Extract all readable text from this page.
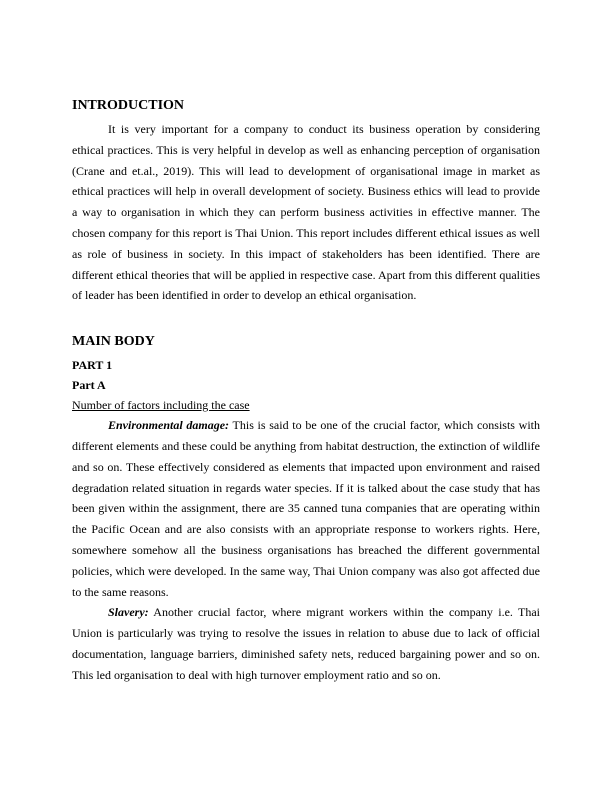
INTRODUCTION

It is very important for a company to conduct its business operation by considering ethical practices. This is very helpful in develop as well as enhancing perception of organisation (Crane and et.al., 2019). This will lead to development of organisational image in market as ethical practices will help in overall development of society. Business ethics will lead to provide a way to organisation in which they can perform business activities in effective manner. The chosen company for this report is Thai Union. This report includes different ethical issues as well as role of business in society. In this impact of stakeholders has been identified. There are different ethical theories that will be applied in respective case. Apart from this different qualities of leader has been identified in order to develop an ethical organisation.

MAIN BODY
PART 1
Part A
Number of factors including the case

Environmental damage: This is said to be one of the crucial factor, which consists with different elements and these could be anything from habitat destruction, the extinction of wildlife and so on. These effectively considered as elements that impacted upon environment and raised degradation related situation in regards water species. If it is talked about the case study that has been given within the assignment, there are 35 canned tuna companies that are operating within the Pacific Ocean and are also consists with an appropriate response to workers rights. Here, somewhere somehow all the business organisations has breached the different governmental policies, which were developed. In the same way, Thai Union company was also got affected due to the same reasons.

Slavery: Another crucial factor, where migrant workers within the company i.e. Thai Union is particularly was trying to resolve the issues in relation to abuse due to lack of official documentation, language barriers, diminished safety nets, reduced bargaining power and so on. This led organisation to deal with high turnover employment ratio and so on.
